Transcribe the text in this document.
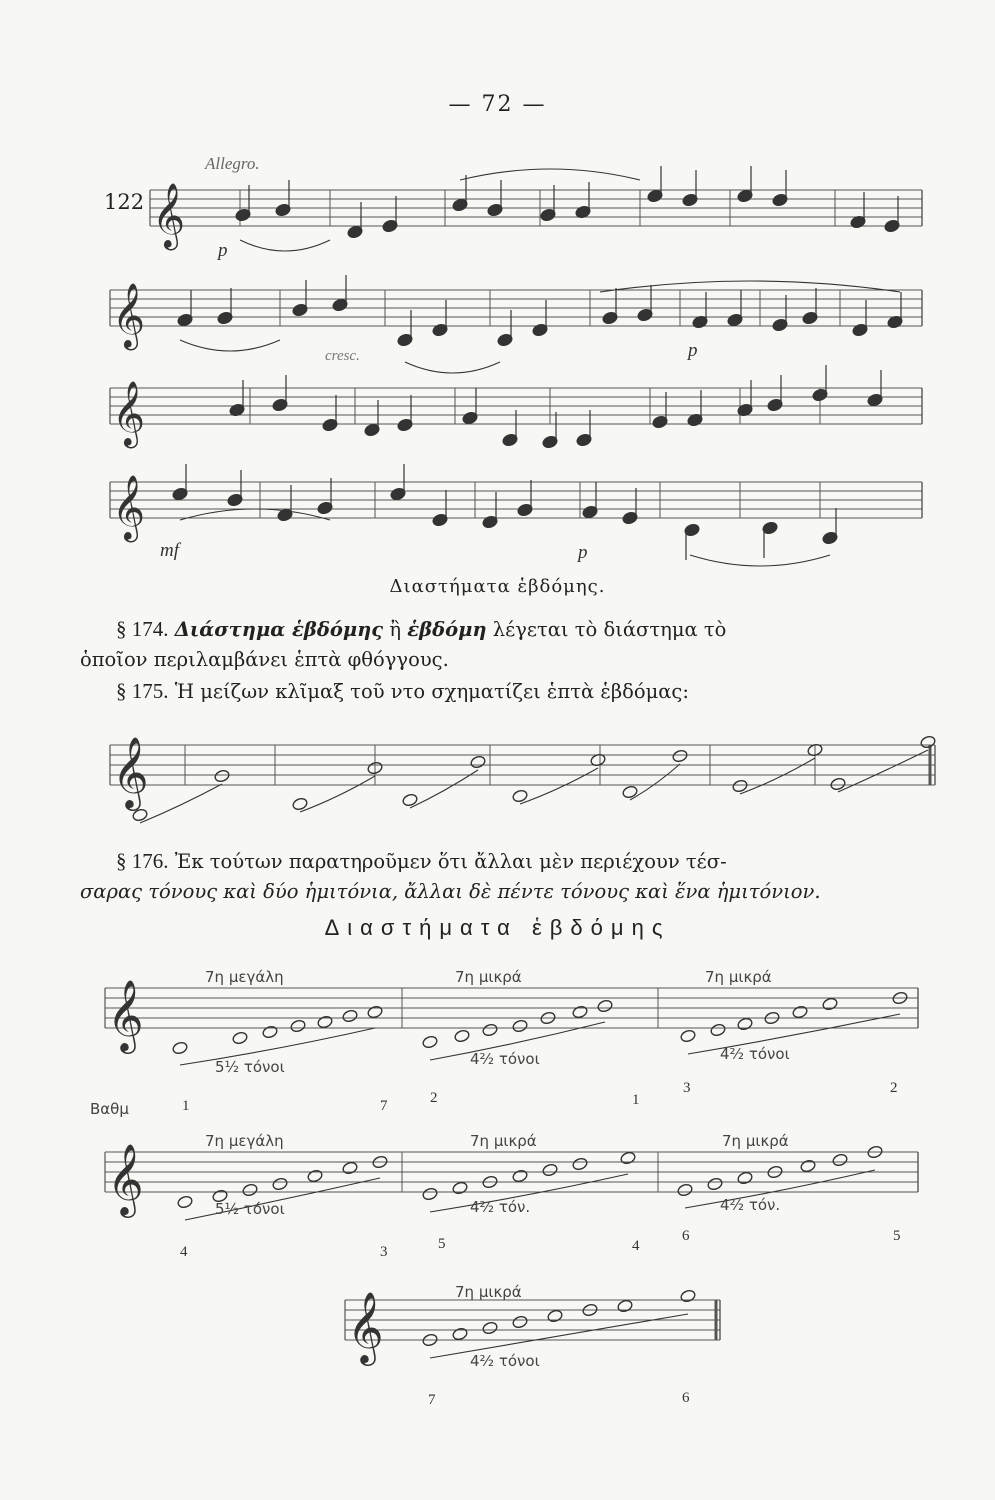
— 72 —
122
Allegro.
p
cresc.	p
mf	p
𝄞
𝄞
𝄞
𝄞
𝄞
𝄞
𝄞
𝄞
Διαστήματα ἑβδόμης.
§ 174. Διάστημα ἑβδόμης ἢ ἑβδόμη λέγεται τὸ διάστημα τὸ
ὁποῖον περιλαμβάνει ἑπτὰ φθόγγους.
§ 175. Ἡ μείζων κλῖμαξ τοῦ ντο σχηματίζει ἑπτὰ ἑβδόμας:
§ 176. Ἐκ τούτων παρατηροῦμεν ὅτι ἄλλαι μὲν περιέχουν τέσ-
σαρας τόνους καὶ δύο ἡμιτόνια, ἄλλαι δὲ πέντε τόνους καὶ ἕνα ἡμιτόνιον.
Διαστήματα ἑβδόμης
7η μεγάλη	7η μικρά	7η μικρά
5½ τόνοι	4²⁄₂ τόνοι	4²⁄₂ τόνοι
Βαθμ	1	7	2	1
3	2
7η μεγάλη	7η μικρά	7η μικρά
5½ τόνοι	4²⁄₂ τόν.	4²⁄₂ τόν.
4	3	5	4
6	5
7η μικρά
4²⁄₂ τόνοι
7	6
